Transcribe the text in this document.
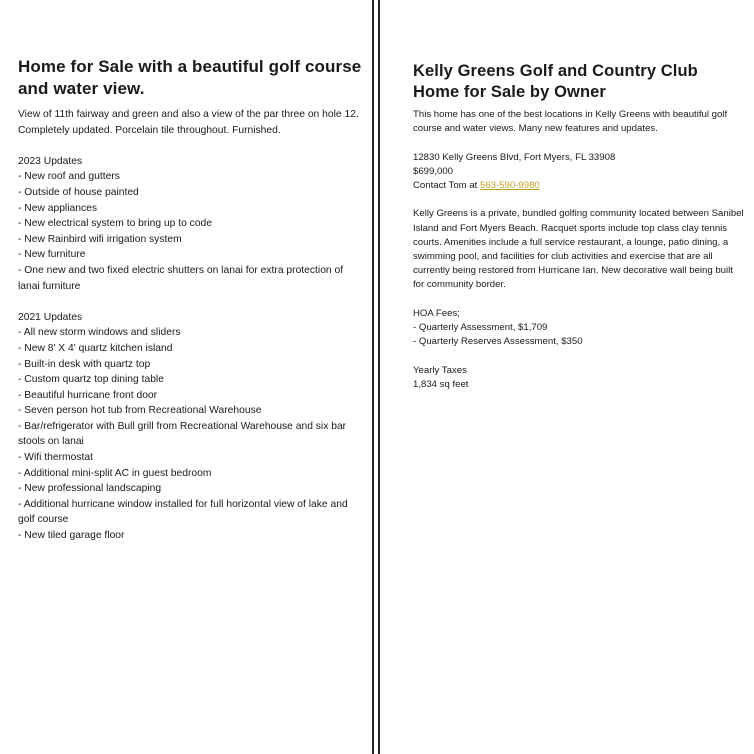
Home for Sale with a beautiful golf course and water view.

View of 11th fairway and green and also a view of the par three on hole 12. Completely updated. Porcelain tile throughout. Furnished.

2023 Updates

- New roof and gutters
- Outside of house painted
- New appliances
- New electrical system to bring up to code
- New Rainbird wifi irrigation system
- New furniture
- One new and two fixed electric shutters on lanai for extra protection of lanai furniture

2021 Updates

- All new storm windows and sliders
- New 8' X 4' quartz kitchen island
- Built-in desk with quartz top
- Custom quartz top dining table
- Beautiful hurricane front door
- Seven person hot tub from Recreational Warehouse
- Bar/refrigerator with Bull grill from Recreational Warehouse and six bar stools on lanai
- Wifi thermostat
- Additional mini-split AC in guest bedroom
- New professional landscaping
- Additional hurricane window installed for full horizontal view of lake and golf course
- New tiled garage floor
Kelly Greens Golf and Country Club Home for Sale by Owner

This home has one of the best locations in Kelly Greens with beautiful golf course and water views. Many new features and updates.

12830 Kelly Greens Blvd, Fort Myers, FL 33908
$699,000
Contact Tom at 563-590-9980

Kelly Greens is a private, bundled golfing community located between Sanibel Island and Fort Myers Beach. Racquet sports include top class clay tennis courts. Amenities include a full service restaurant, a lounge, patio dining, a swimming pool, and facilities for club activities and exercise that are all currently being restored from Hurricane Ian. New decorative wall being built for community border.

HOA Fees;

- Quarterly Assessment, $1,709
- Quarterly Reserves Assessment, $350
Yearly Taxes
1,834 sq feet
